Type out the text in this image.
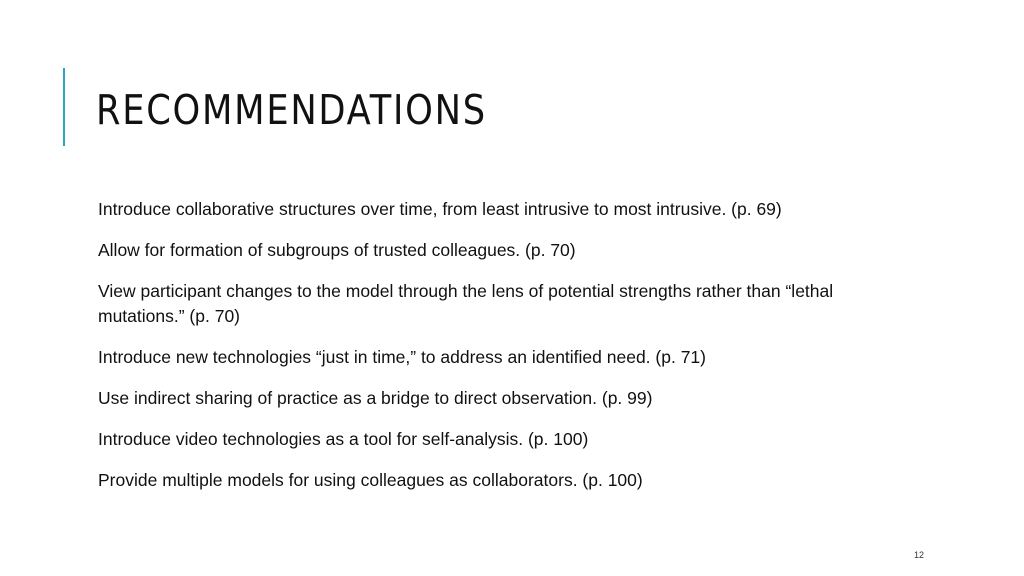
RECOMMENDATIONS
Introduce collaborative structures over time, from least intrusive to most intrusive. (p. 69)
Allow for formation of subgroups of trusted colleagues. (p. 70)
View participant changes to the model through the lens of potential strengths rather than “lethal mutations.” (p. 70)
Introduce new technologies “just in time,” to address an identified need. (p. 71)
Use indirect sharing of practice as a bridge to direct observation. (p. 99)
Introduce video technologies as a tool for self-analysis. (p. 100)
Provide multiple models for using colleagues as collaborators. (p. 100)
12
